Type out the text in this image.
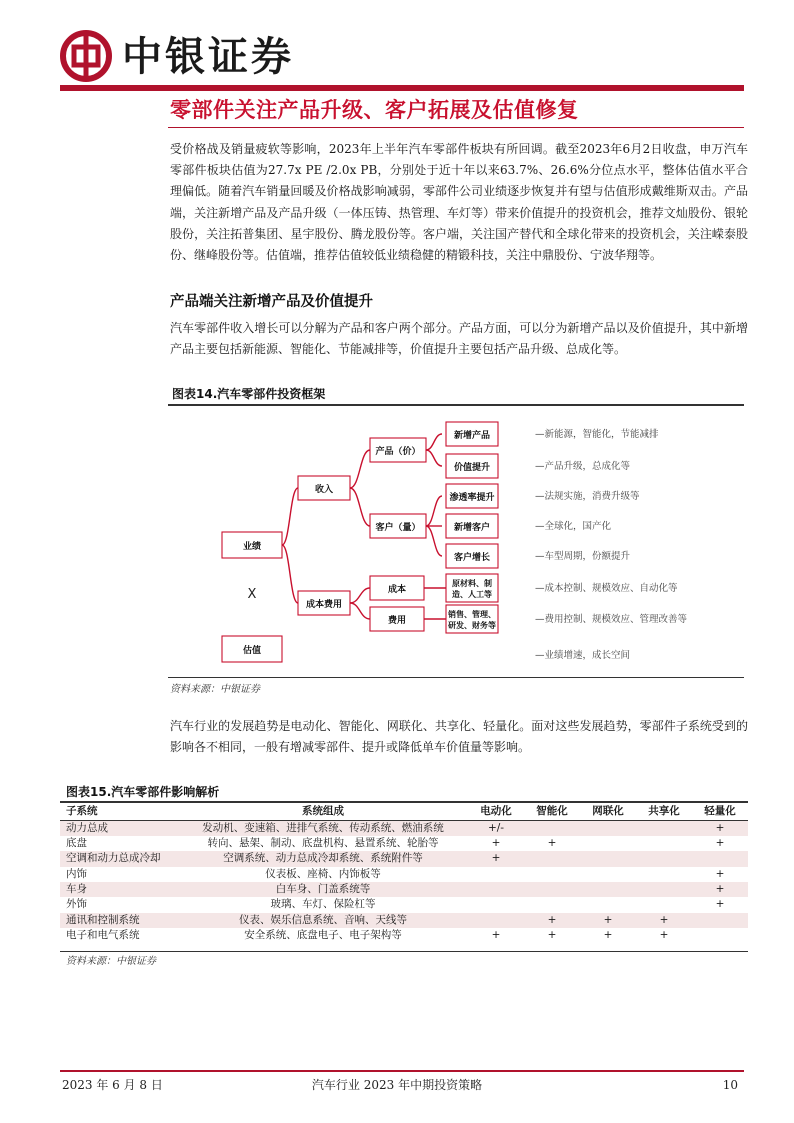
中银证券
零部件关注产品升级、客户拓展及估值修复
受价格战及销量疲软等影响，2023年上半年汽车零部件板块有所回调。截至2023年6月2日收盘，申万汽车零部件板块估值为27.7x PE /2.0x PB，分别处于近十年以来63.7%、26.6%分位点水平，整体估值水平合理偏低。随着汽车销量回暖及价格战影响减弱，零部件公司业绩逐步恢复并有望与估值形成戴维斯双击。产品端，关注新增产品及产品升级（一体压铸、热管理、车灯等）带来价值提升的投资机会，推荐文灿股份、银轮股份，关注拓普集团、星宇股份、腾龙股份等。客户端，关注国产替代和全球化带来的投资机会，关注嵘泰股份、继峰股份等。估值端，推荐估值较低业绩稳健的精锻科技，关注中鼎股份、宁波华翔等。
产品端关注新增产品及价值提升
汽车零部件收入增长可以分解为产品和客户两个部分。产品方面，可以分为新增产品以及价值提升，其中新增产品主要包括新能源、智能化、节能减排等，价值提升主要包括产品升级、总成化等。
图表14.汽车零部件投资框架
业绩
X
估值
收入
成本费用
产品（价）
客户（量）
成本
费用
新增产品
价值提升
渗透率提升
新增客户
客户增长
原材料、制
造、人工等
销售、管理、
研发、财务等
—新能源，智能化，节能减排
—产品升级，总成化等
—法规实施，消费升级等
—全球化，国产化
—车型周期，份额提升
—成本控制、规模效应、自动化等
—费用控制、规模效应、管理改善等
—业绩增速，成长空间
资料来源：中银证券
汽车行业的发展趋势是电动化、智能化、网联化、共享化、轻量化。面对这些发展趋势，零部件子系统受到的影响各不相同，一般有增减零部件、提升或降低单车价值量等影响。
图表15.汽车零部件影响解析
子系统	系统组成	电动化	智能化	网联化	共享化	轻量化
动力总成	发动机、变速箱、进排气系统、传动系统、燃油系统	+/-				+
底盘	转向、悬架、制动、底盘机构、悬置系统、轮胎等	+	+			+
空调和动力总成冷却	空调系统、动力总成冷却系统、系统附件等	+				
内饰	仪表板、座椅、内饰板等					+
车身	白车身、门盖系统等					+
外饰	玻璃、车灯、保险杠等					+
通讯和控制系统	仪表、娱乐信息系统、音响、天线等		+	+	+	
电子和电气系统	安全系统、底盘电子、电子架构等	+	+	+	+	
资料来源：中银证券
2023 年 6 月 8 日	汽车行业 2023 年中期投资策略	10
